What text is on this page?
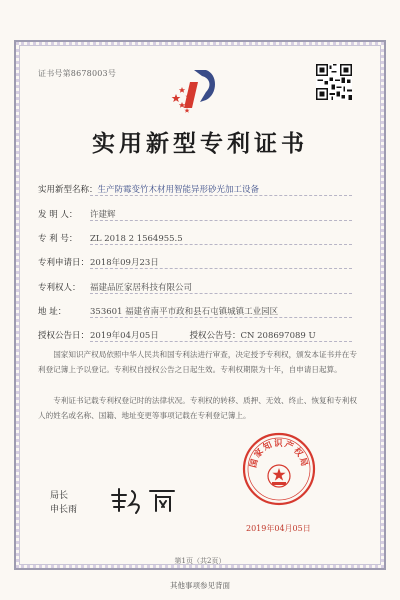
证书号第8678003号
实用新型专利证书
实用新型名称：生产防霉变竹木材用智能异形砂光加工设备
发 明 人： 许建辉
专 利 号： ZL 2018 2 1564955.5
专利申请日：2018年09月23日
专利权人： 福建品匠家居科技有限公司
地 址：	353601 福建省南平市政和县石屯镇城镇工业园区
授权公告日：2019年04月05日	授权公告号：CN 208697089 U
国家知识产权局依照中华人民共和国专利法进行审查，决定授予专利权，颁发本证书并在专利登记簿上予以登记。专利权自授权公告之日起生效。专利权期限为十年，自申请日起算。
专利证书记载专利权登记时的法律状况。专利权的转移、质押、无效、终止、恢复和专利权人的姓名或名称、国籍、地址变更等事项记载在专利登记簿上。
局长
申长雨
国家知识产权局
2019年04月05日
第1页（共2页）
其他事项参见背面
